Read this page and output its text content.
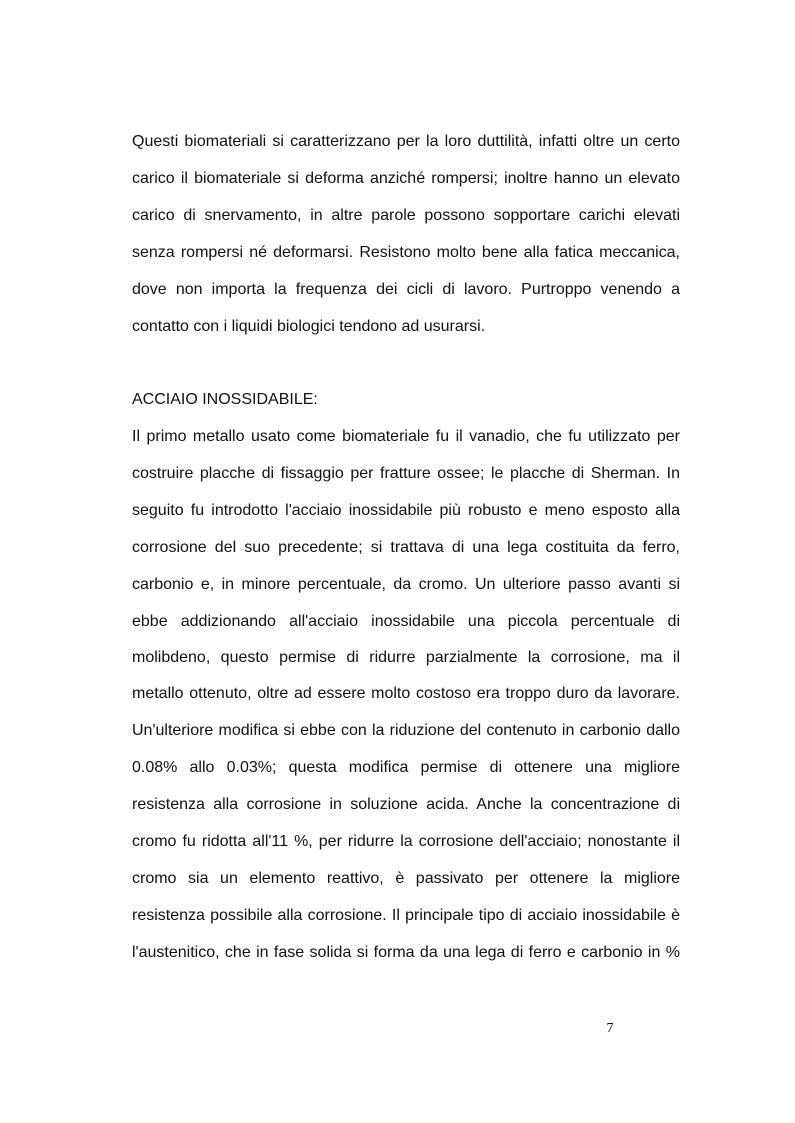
Questi biomateriali si caratterizzano per la loro duttilità, infatti oltre un certo
carico il biomateriale si deforma anziché rompersi; inoltre hanno un elevato
carico di snervamento, in altre parole possono sopportare carichi elevati
senza rompersi né deformarsi. Resistono molto bene alla fatica meccanica,
dove non importa la frequenza dei cicli di lavoro. Purtroppo venendo a
contatto con i liquidi biologici tendono ad usurarsi.
ACCIAIO INOSSIDABILE:
Il primo metallo usato come biomateriale fu il vanadio, che fu utilizzato per
costruire placche di fissaggio per fratture ossee; le placche di Sherman. In
seguito fu introdotto l'acciaio inossidabile più robusto e meno esposto alla
corrosione del suo precedente; si trattava di una lega costituita da ferro,
carbonio e, in minore percentuale, da cromo. Un ulteriore passo avanti si
ebbe addizionando all'acciaio inossidabile una piccola percentuale di
molibdeno, questo permise di ridurre parzialmente la corrosione, ma il
metallo ottenuto, oltre ad essere molto costoso era troppo duro da lavorare.
Un'ulteriore modifica si ebbe con la riduzione del contenuto in carbonio dallo
0.08% allo 0.03%; questa modifica permise di ottenere una migliore
resistenza alla corrosione in soluzione acida. Anche la concentrazione di
cromo fu ridotta all'11 %, per ridurre la corrosione dell'acciaio; nonostante il
cromo sia un elemento reattivo, è passivato per ottenere la migliore
resistenza possibile alla corrosione. Il principale tipo di acciaio inossidabile è
l'austenitico, che in fase solida si forma da una lega di ferro e carbonio in %
7
